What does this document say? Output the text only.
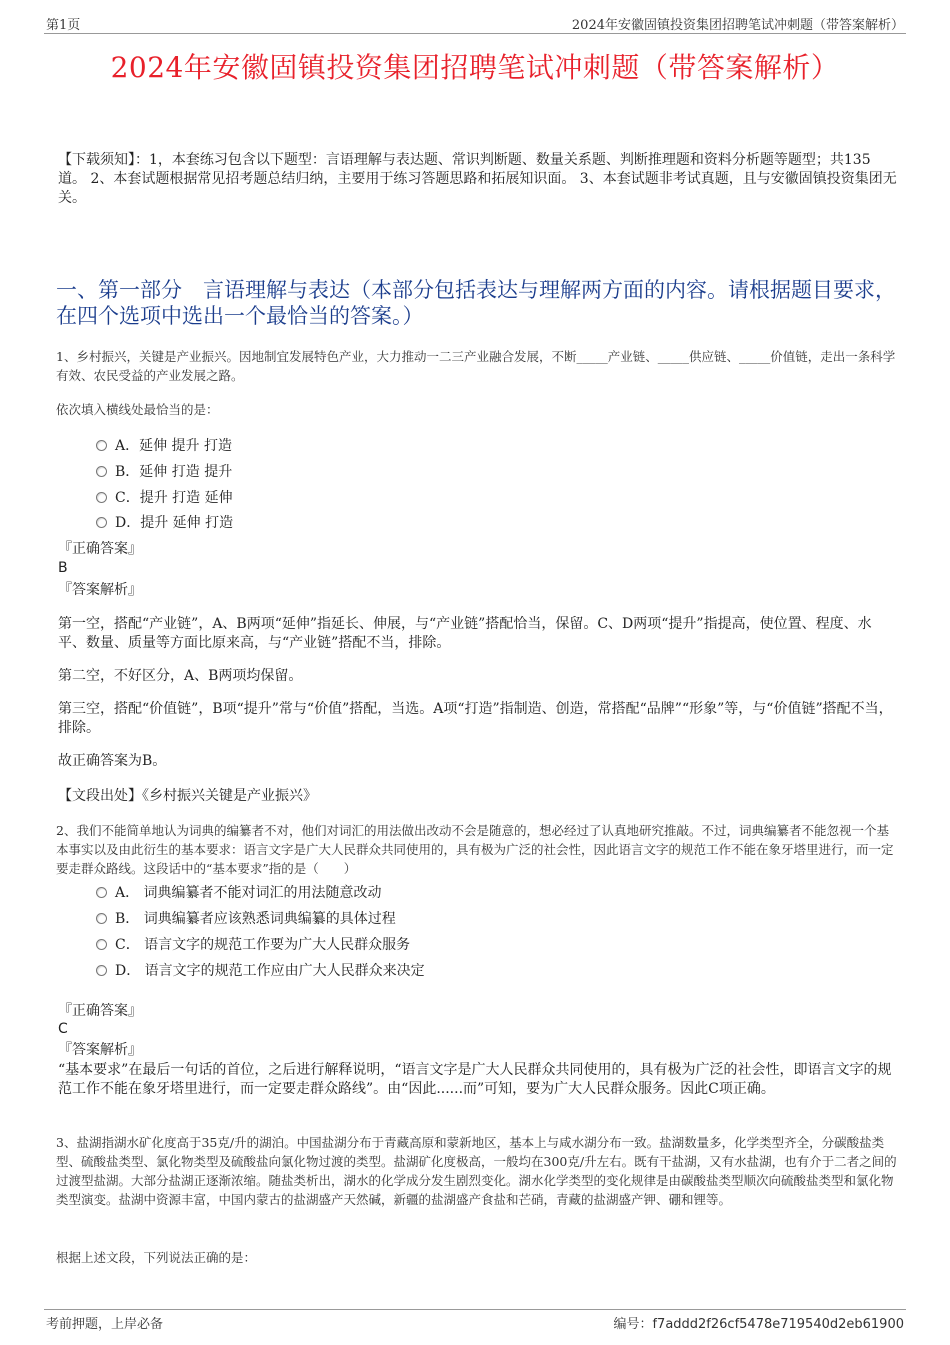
第1页	2024年安徽固镇投资集团招聘笔试冲刺题（带答案解析）
2024年安徽固镇投资集团招聘笔试冲刺题（带答案解析）
【下载须知】：1，本套练习包含以下题型：言语理解与表达题、常识判断题、数量关系题、判断推理题和资料分析题等题型；共135道。 2、本套试题根据常见招考题总结归纳，主要用于练习答题思路和拓展知识面。 3、本套试题非考试真题，且与安徽固镇投资集团无关。
一、第一部分　言语理解与表达（本部分包括表达与理解两方面的内容。请根据题目要求，在四个选项中选出一个最恰当的答案。）
1、乡村振兴，关键是产业振兴。因地制宜发展特色产业，大力推动一二三产业融合发展，不断_____产业链、_____供应链、_____价值链，走出一条科学有效、农民受益的产业发展之路。
依次填入横线处最恰当的是：
A．延伸 提升 打造
B．延伸 打造 提升
C．提升 打造 延伸
D．提升 延伸 打造
『正确答案』
B
『答案解析』
第一空，搭配“产业链”，A、B两项“延伸”指延长、伸展，与“产业链”搭配恰当，保留。C、D两项“提升”指提高，使位置、程度、水平、数量、质量等方面比原来高，与“产业链”搭配不当，排除。
第二空，不好区分，A、B两项均保留。
第三空，搭配“价值链”，B项“提升”常与“价值”搭配，当选。A项“打造”指制造、创造，常搭配“品牌”“形象”等，与“价值链”搭配不当，排除。
故正确答案为B。
【文段出处】《乡村振兴关键是产业振兴》
2、我们不能简单地认为词典的编纂者不对，他们对词汇的用法做出改动不会是随意的，想必经过了认真地研究推敲。不过，词典编纂者不能忽视一个基本事实以及由此衍生的基本要求：语言文字是广大人民群众共同使用的，具有极为广泛的社会性，因此语言文字的规范工作不能在象牙塔里进行，而一定要走群众路线。这段话中的“基本要求”指的是（　　）
A． 词典编纂者不能对词汇的用法随意改动
B． 词典编纂者应该熟悉词典编纂的具体过程
C． 语言文字的规范工作要为广大人民群众服务
D． 语言文字的规范工作应由广大人民群众来决定
『正确答案』
C
『答案解析』
“基本要求”在最后一句话的首位，之后进行解释说明，“语言文字是广大人民群众共同使用的，具有极为广泛的社会性，即语言文字的规范工作不能在象牙塔里进行，而一定要走群众路线”。由“因此......而”可知，要为广大人民群众服务。因此C项正确。
3、盐湖指湖水矿化度高于35克/升的湖泊。中国盐湖分布于青藏高原和蒙新地区，基本上与咸水湖分布一致。盐湖数量多，化学类型齐全，分碳酸盐类型、硫酸盐类型、氯化物类型及硫酸盐向氯化物过渡的类型。盐湖矿化度极高，一般均在300克/升左右。既有干盐湖，又有水盐湖，也有介于二者之间的过渡型盐湖。大部分盐湖正逐渐浓缩。随盐类析出，湖水的化学成分发生剧烈变化。湖水化学类型的变化规律是由碳酸盐类型顺次向硫酸盐类型和氯化物类型演变。盐湖中资源丰富，中国内蒙古的盐湖盛产天然碱，新疆的盐湖盛产食盐和芒硝，青藏的盐湖盛产钾、硼和锂等。
根据上述文段，下列说法正确的是：
考前押题，上岸必备	编号：f7addd2f26cf5478e719540d2eb61900
